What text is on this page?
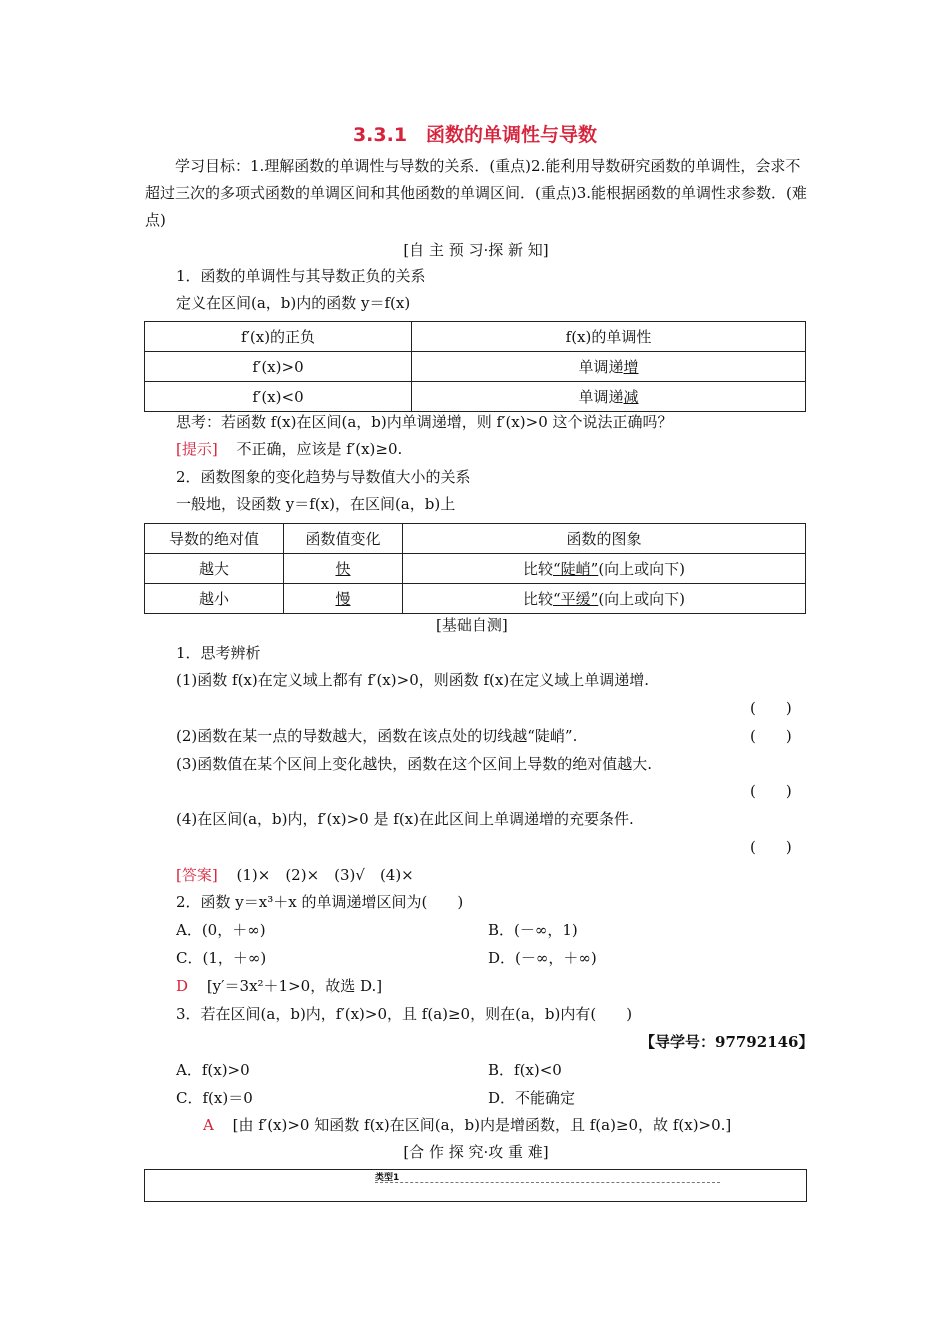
3.3.1　函数的单调性与导数
学习目标：1.理解函数的单调性与导数的关系．(重点)2.能利用导数研究函数的单调性，会求不超过三次的多项式函数的单调区间和其他函数的单调区间．(重点)3.能根据函数的单调性求参数．(难点)
[自 主 预 习·探 新 知]
1．函数的单调性与其导数正负的关系
定义在区间(a，b)内的函数 y＝f(x)
f′(x)的正负	f(x)的单调性
f′(x)>0	单调递增
f′(x)<0	单调递减
思考：若函数 f(x)在区间(a，b)内单调递增，则 f′(x)>0 这个说法正确吗？
[提示] 不正确，应该是 f′(x)≥0.
2．函数图象的变化趋势与导数值大小的关系
一般地，设函数 y＝f(x)，在区间(a，b)上
导数的绝对值	函数值变化	函数的图象
越大	快	比较“陡峭”(向上或向下)
越小	慢	比较“平缓”(向上或向下)
[基础自测]
1．思考辨析
(1)函数 f(x)在定义域上都有 f′(x)>0，则函数 f(x)在定义域上单调递增.
(　　)
(2)函数在某一点的导数越大，函数在该点处的切线越“陡峭”.	(　　)
(3)函数值在某个区间上变化越快，函数在这个区间上导数的绝对值越大.
(　　)
(4)在区间(a，b)内，f′(x)>0 是 f(x)在此区间上单调递增的充要条件.
(　　)
[答案] (1)×　(2)×　(3)√　(4)×
2．函数 y＝x³＋x 的单调递增区间为(　　)
A．(0，＋∞)	B．(－∞，1)
C．(1，＋∞)	D．(－∞，＋∞)
D [y′＝3x²＋1>0，故选 D.]
3．若在区间(a，b)内，f′(x)>0，且 f(a)≥0，则在(a，b)内有(　　)
【导学号：97792146】
A．f(x)>0	B．f(x)<0
C．f(x)＝0	D．不能确定
A [由 f′(x)>0 知函数 f(x)在区间(a，b)内是增函数，且 f(a)≥0，故 f(x)>0.]
[合 作 探 究·攻 重 难]
类型1
